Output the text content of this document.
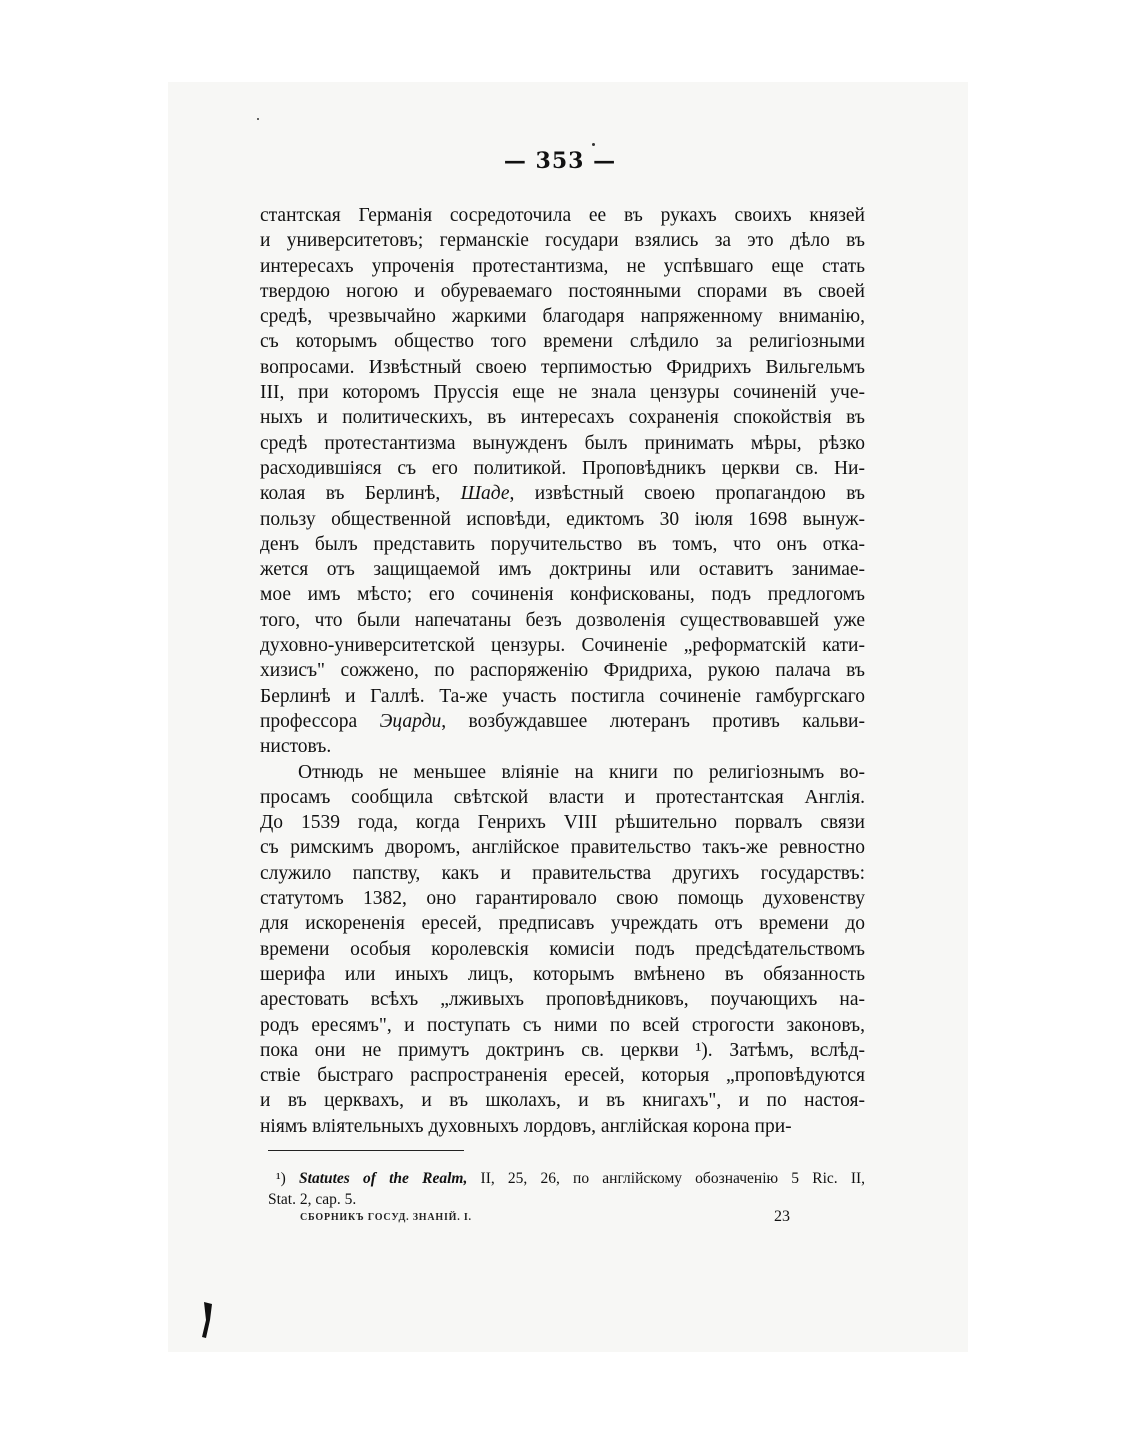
— 353 —
стантская Германія сосредоточила ее въ рукахъ своихъ князей
и университетовъ; германскіе государи взялись за это дѣло въ
интересахъ упроченія протестантизма, не успѣвшаго еще стать
твердою ногою и обуреваемаго постоянными спорами въ своей
средѣ, чрезвычайно жаркими благодаря напряженному вниманію,
съ которымъ общество того времени слѣдило за религіозными
вопросами. Извѣстный своею терпимостью Фридрихъ Вильгельмъ
III, при которомъ Пруссія еще не знала цензуры сочиненій уче-
ныхъ и политическихъ, въ интересахъ сохраненія спокойствія въ
средѣ протестантизма вынужденъ былъ принимать мѣры, рѣзко
расходившіяся съ его политикой. Проповѣдникъ церкви св. Ни-
колая въ Берлинѣ, Шаде, извѣстный своею пропагандою въ
пользу общественной исповѣди, едиктомъ 30 іюля 1698 вынуж-
денъ былъ представить поручительство въ томъ, что онъ отка-
жется отъ защищаемой имъ доктрины или оставитъ занимае-
мое имъ мѣсто; его сочиненія конфискованы, подъ предлогомъ
того, что были напечатаны безъ дозволенія существовавшей уже
духовно-университетской цензуры. Сочиненіе „реформатскій кати-
хизисъ" сожжено, по распоряженію Фридриха, рукою палача въ
Берлинѣ и Галлѣ. Та-же участь постигла сочиненіе гамбургскаго
профессора Эцарди, возбуждавшее лютеранъ противъ кальви-
нистовъ.
Отнюдь не меньшее вліяніе на книги по религіознымъ во-
просамъ сообщила свѣтской власти и протестантская Англія.
До 1539 года, когда Генрихъ VIII рѣшительно порвалъ связи
съ римскимъ дворомъ, англійское правительство такъ-же ревностно
служило папству, какъ и правительства другихъ государствъ:
статутомъ 1382, оно гарантировало свою помощь духовенству
для искорененія ересей, предписавъ учреждать отъ времени до
времени особыя королевскія комисіи подъ предсѣдательствомъ
шерифа или иныхъ лицъ, которымъ вмѣнено въ обязанность
арестовать всѣхъ „лживыхъ проповѣдниковъ, поучающихъ на-
родъ ересямъ", и поступать съ ними по всей строгости законовъ,
пока они не примутъ доктринъ св. церкви ¹). Затѣмъ, вслѣд-
ствіе быстраго распространенія ересей, которыя „проповѣдуются
и въ церквахъ, и въ школахъ, и въ книгахъ", и по настоя-
ніямъ вліятельныхъ духовныхъ лордовъ, англійская корона при-
¹) Statutes of the Realm, II, 25, 26, по англійскому обозначенію 5 Ric. II,
Stat. 2, cap. 5.
СБОРНИКЪ ГОСУД. ЗНАНІЙ. I.	23
